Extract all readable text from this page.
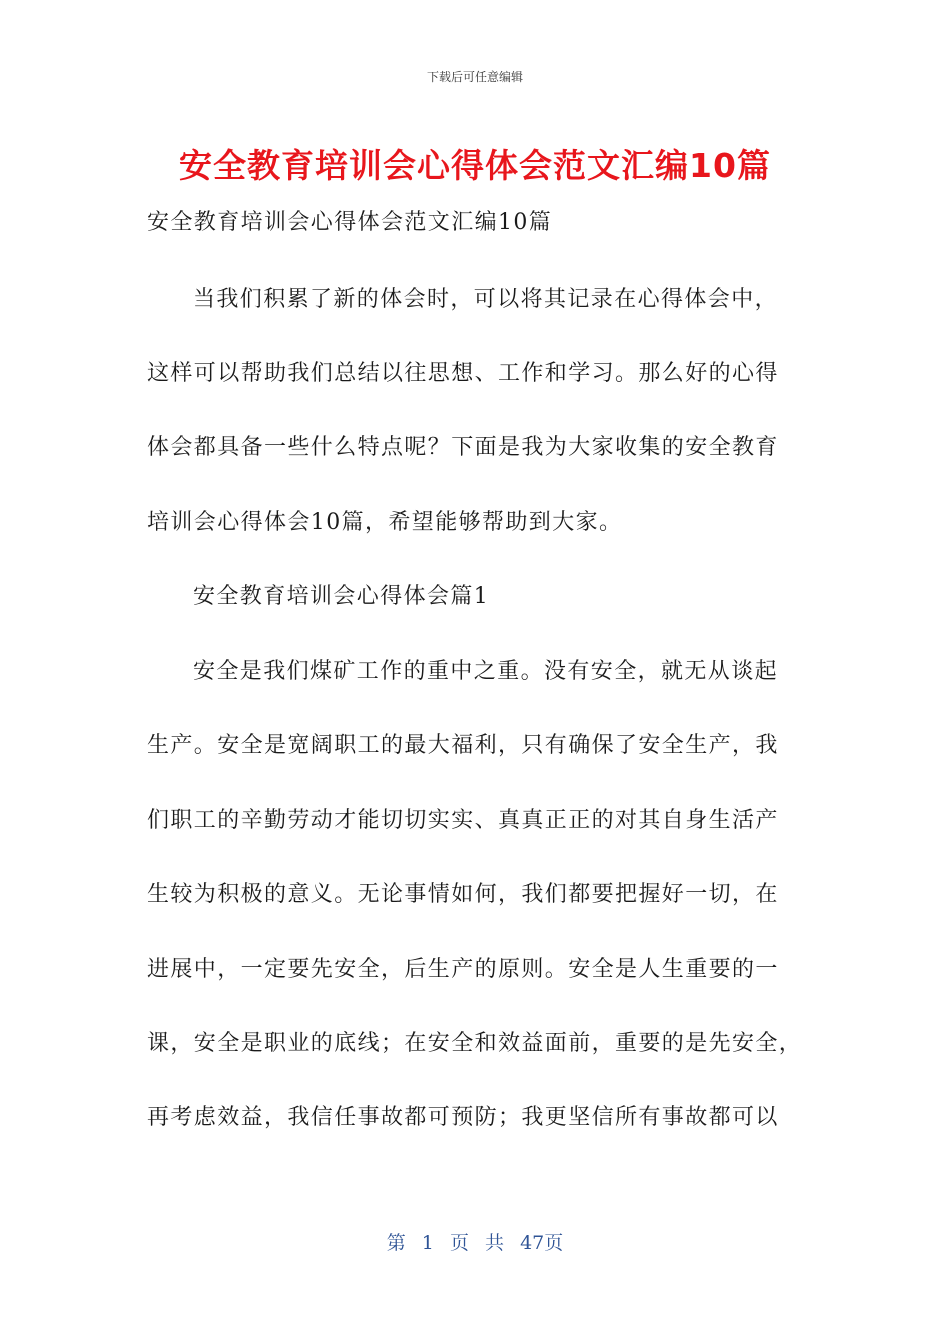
下载后可任意编辑
安全教育培训会心得体会范文汇编10篇
安全教育培训会心得体会范文汇编10篇
当我们积累了新的体会时，可以将其记录在心得体会中，
这样可以帮助我们总结以往思想、工作和学习。那么好的心得
体会都具备一些什么特点呢？下面是我为大家收集的安全教育
培训会心得体会10篇，希望能够帮助到大家。
安全教育培训会心得体会篇1
安全是我们煤矿工作的重中之重。没有安全，就无从谈起
生产。安全是宽阔职工的最大福利，只有确保了安全生产，我
们职工的辛勤劳动才能切切实实、真真正正的对其自身生活产
生较为积极的意义。无论事情如何，我们都要把握好一切，在
进展中，一定要先安全，后生产的原则。安全是人生重要的一
课，安全是职业的底线；在安全和效益面前，重要的是先安全，
再考虑效益，我信任事故都可预防；我更坚信所有事故都可以
第 1 页 共 47页
